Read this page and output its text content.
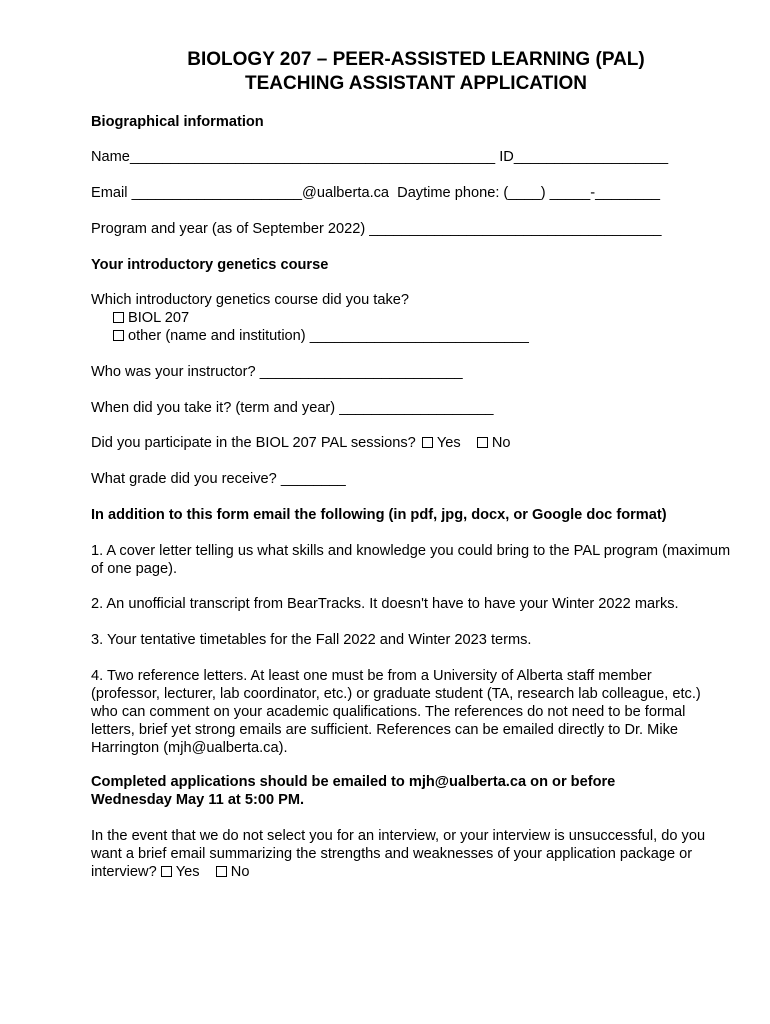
BIOLOGY 207 – PEER-ASSISTED LEARNING (PAL)
TEACHING ASSISTANT APPLICATION
Biographical information
Name_____________________________________________ ID___________________
Email _____________________@ualberta.ca Daytime phone: (____) _____-________
Program and year (as of September 2022) ____________________________________
Your introductory genetics course
Which introductory genetics course did you take?
BIOL 207
other (name and institution) ___________________________
Who was your instructor? _________________________
When did you take it? (term and year) ___________________
Did you participate in the BIOL 207 PAL sessions? Yes No
What grade did you receive? ________
In addition to this form email the following (in pdf, jpg, docx, or Google doc format)
1. A cover letter telling us what skills and knowledge you could bring to the PAL program (maximum of one page).
2. An unofficial transcript from BearTracks. It doesn't have to have your Winter 2022 marks.
3. Your tentative timetables for the Fall 2022 and Winter 2023 terms.
4. Two reference letters. At least one must be from a University of Alberta staff member (professor, lecturer, lab coordinator, etc.) or graduate student (TA, research lab colleague, etc.) who can comment on your academic qualifications. The references do not need to be formal letters, brief yet strong emails are sufficient. References can be emailed directly to Dr. Mike Harrington (mjh@ualberta.ca).
Completed applications should be emailed to mjh@ualberta.ca on or before Wednesday May 11 at 5:00 PM.
In the event that we do not select you for an interview, or your interview is unsuccessful, do you want a brief email summarizing the strengths and weaknesses of your application package or interview? Yes No
